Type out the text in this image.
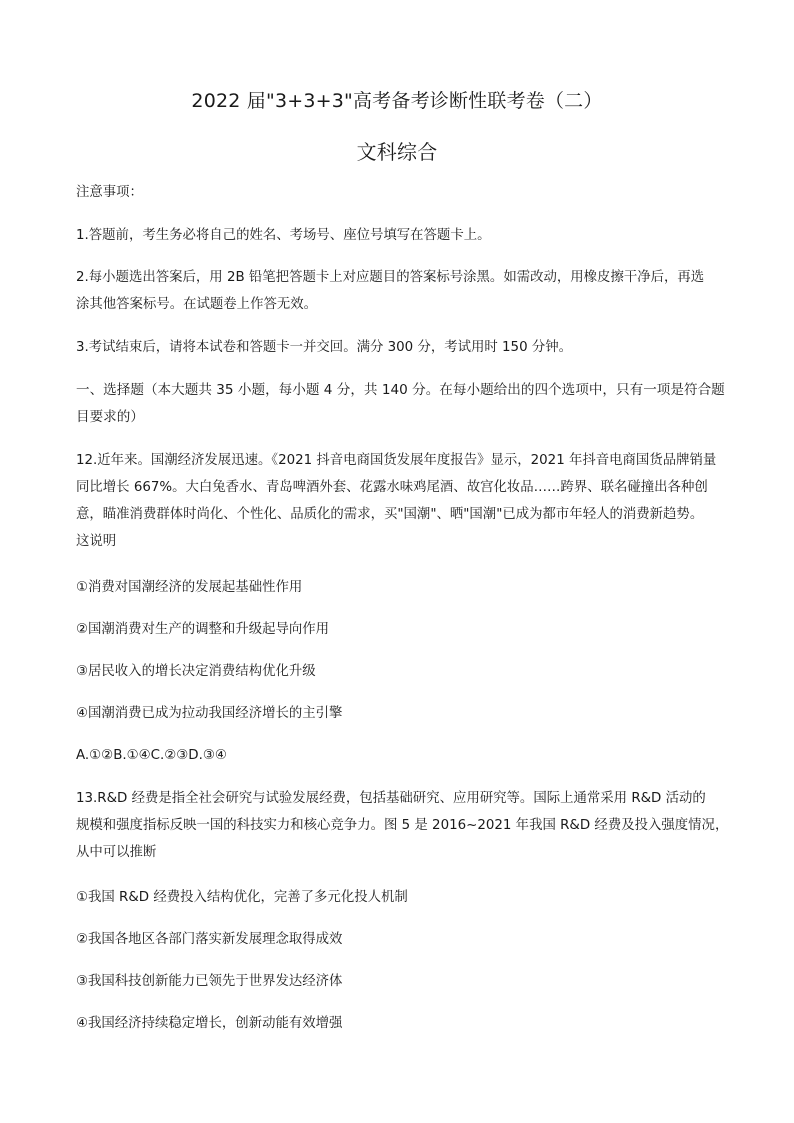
2022 届"3+3+3"高考备考诊断性联考卷（二）
文科综合
注意事项：
1.答题前，考生务必将自己的姓名、考场号、座位号填写在答题卡上。
2.每小题选出答案后，用 2B 铅笔把答题卡上对应题目的答案标号涂黑。如需改动，用橡皮擦干净后，再选
涂其他答案标号。在试题卷上作答无效。
3.考试结束后，请将本试卷和答题卡一并交回。满分 300 分，考试用时 150 分钟。
一、选择题（本大题共 35 小题，每小题 4 分，共 140 分。在每小题给出的四个选项中，只有一项是符合题
目要求的）
12.近年来。国潮经济发展迅速。《2021 抖音电商国货发展年度报告》显示，2021 年抖音电商国货品牌销量
同比增长 667%。大白兔香水、青岛啤酒外套、花露水味鸡尾酒、故宫化妆品……跨界、联名碰撞出各种创
意，瞄准消费群体时尚化、个性化、品质化的需求，买"国潮"、晒"国潮"已成为都市年轻人的消费新趋势。
这说明
①消费对国潮经济的发展起基础性作用
②国潮消费对生产的调整和升级起导向作用
③居民收入的增长决定消费结构优化升级
④国潮消费已成为拉动我国经济增长的主引擎
A.①②B.①④C.②③D.③④
13.R&D 经费是指全社会研究与试验发展经费，包括基础研究、应用研究等。国际上通常采用 R&D 活动的
规模和强度指标反映一国的科技实力和核心竞争力。图 5 是 2016~2021 年我国 R&D 经费及投入强度情况，
从中可以推断
①我国 R&D 经费投入结构优化，完善了多元化投人机制
②我国各地区各部门落实新发展理念取得成效
③我国科技创新能力已领先于世界发达经济体
④我国经济持续稳定增长，创新动能有效增强
